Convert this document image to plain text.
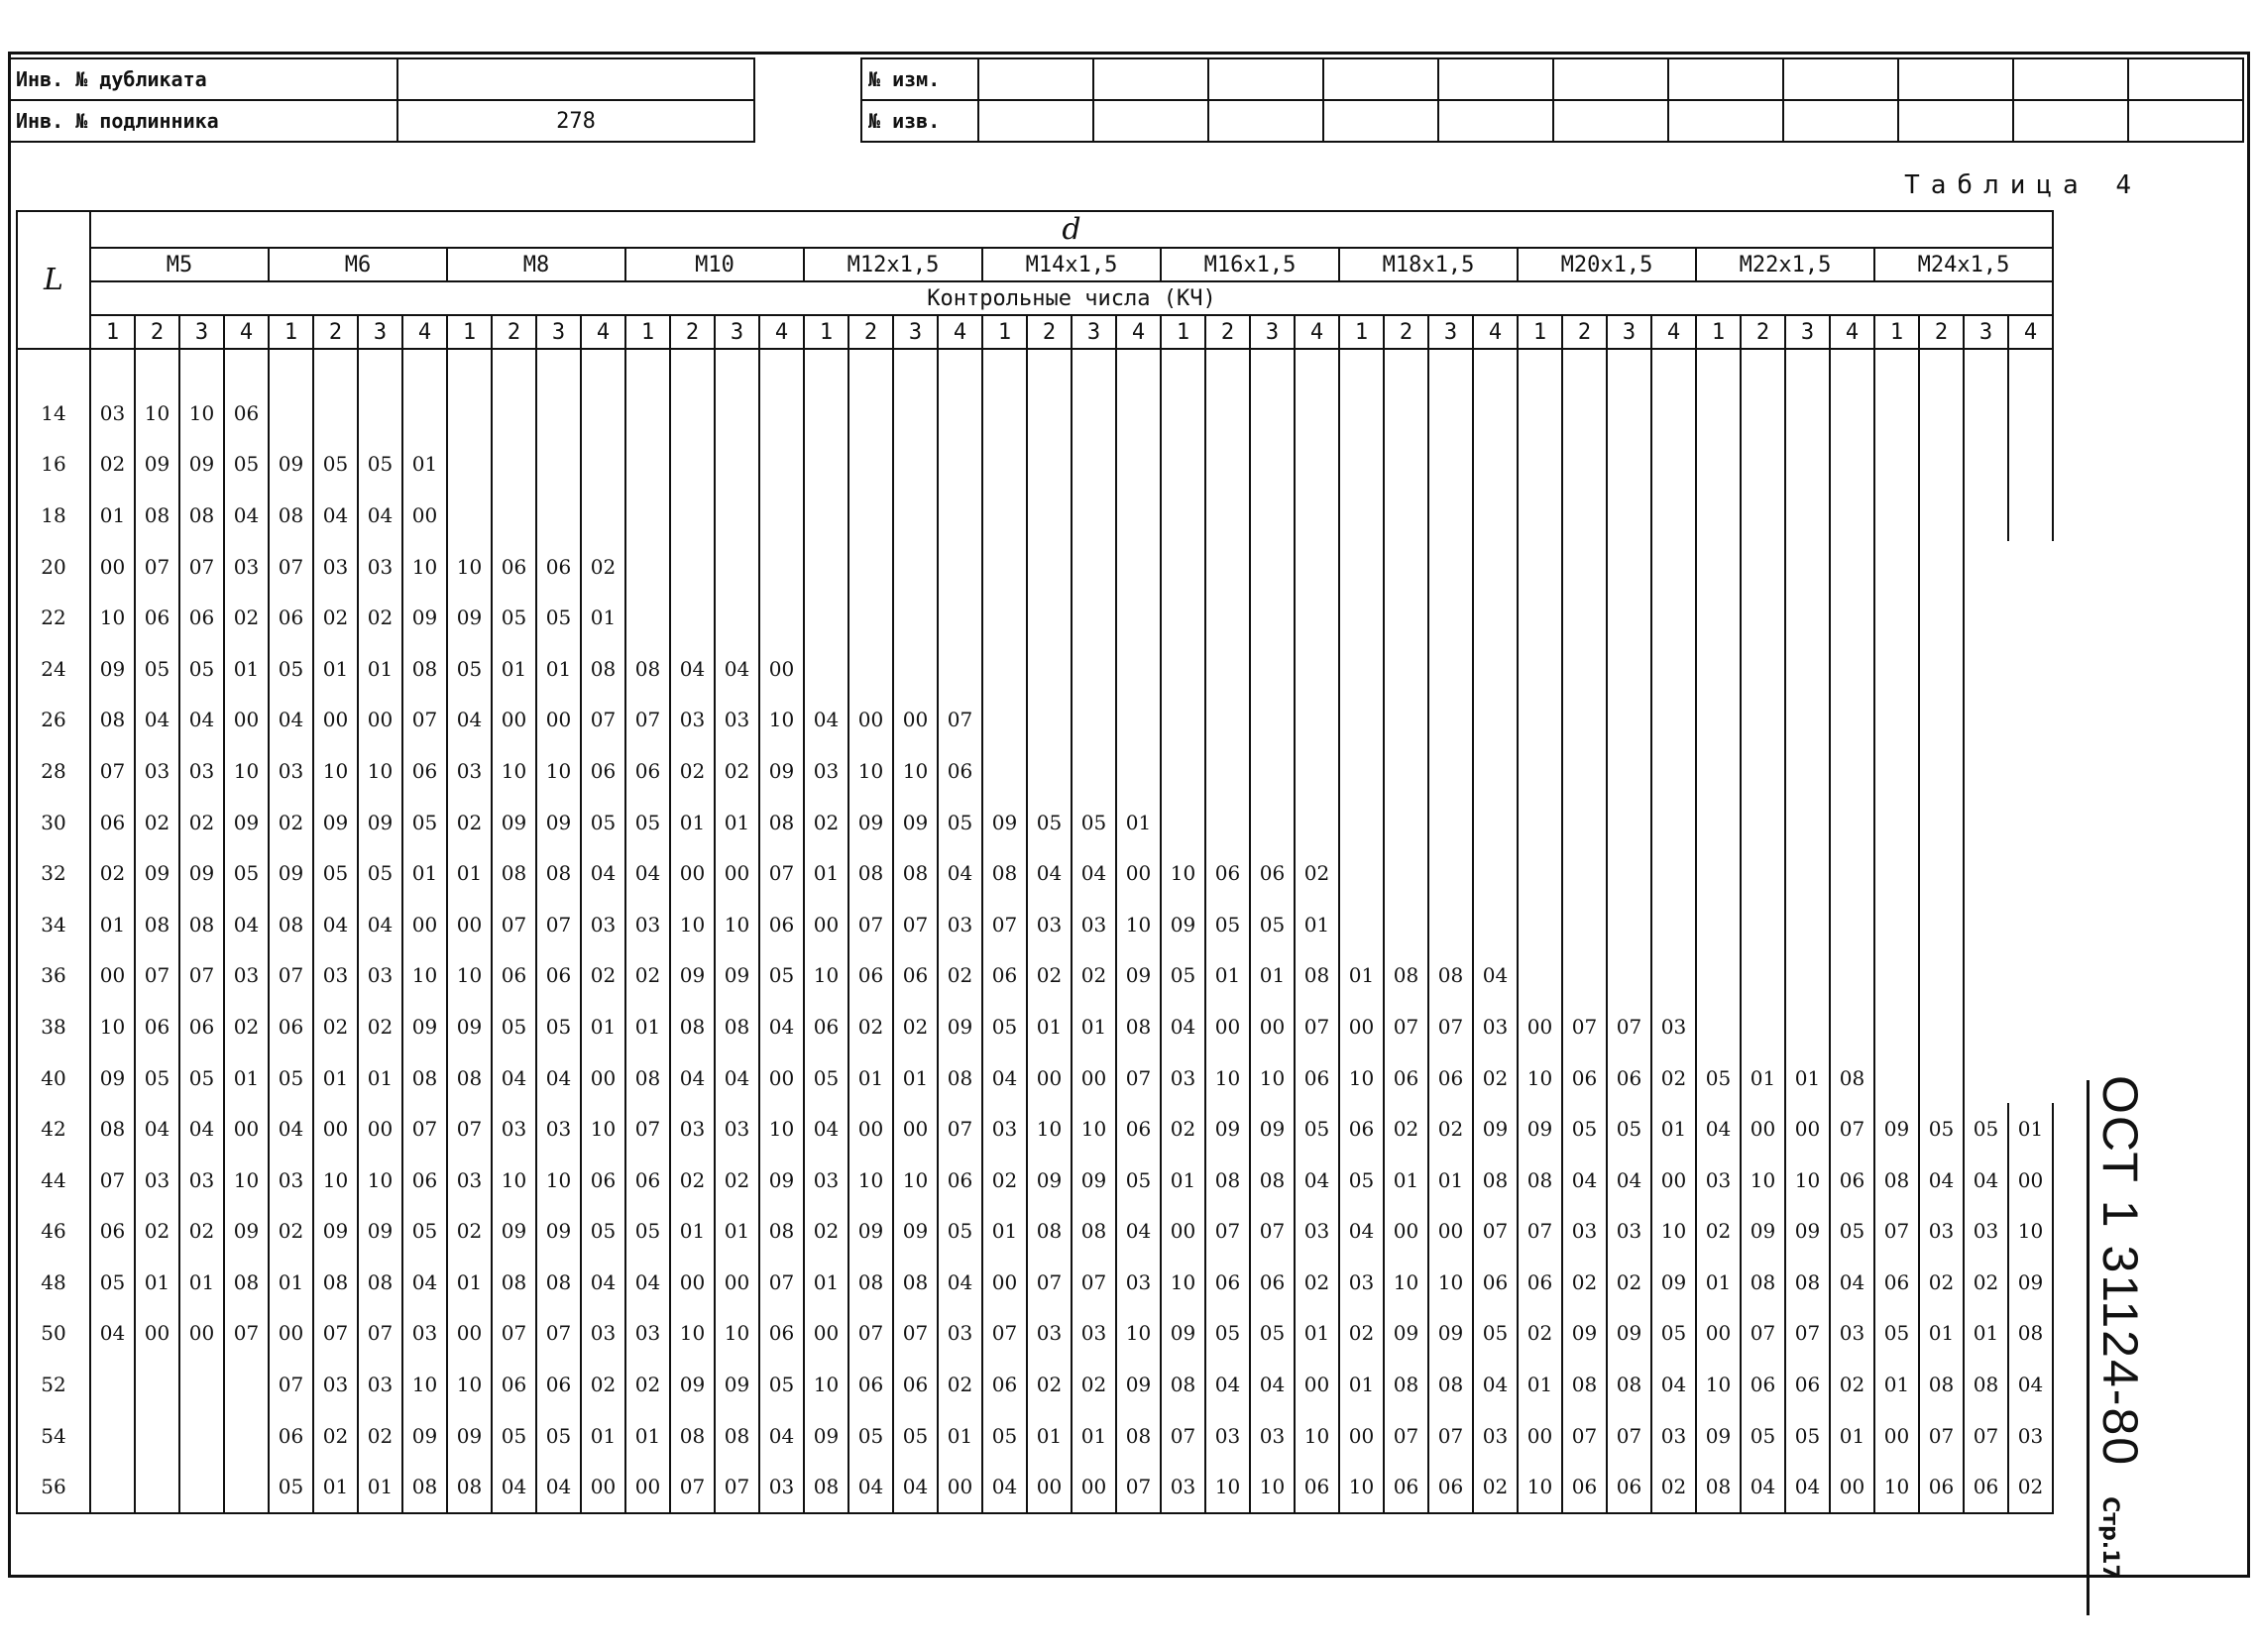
Инв. № дубликата	
Инв. № подлинника	278
№ изм.											
№ изв.											
Таблица 4
L	d																																											
	M5				M6				M8				M10				M12x1,5				M14x1,5				M16x1,5				M18x1,5				M20x1,5				M22x1,5				M24x1,5			
	Контрольные числа (КЧ)																																											
	1	2	3	4	1	2	3	4	1	2	3	4	1	2	3	4	1	2	3	4	1	2	3	4	1	2	3	4	1	2	3	4	1	2	3	4	1	2	3	4	1	2	3	4

14	03	10	10	06																																								
16	02	09	09	05	09	05	05	01																																				
18	01	08	08	04	08	04	04	00																																				
20	00	07	07	03	07	03	03	10	10	06	06	02																																
22	10	06	06	02	06	02	02	09	09	05	05	01																																
24	09	05	05	01	05	01	01	08	05	01	01	08	08	04	04	00																												
26	08	04	04	00	04	00	00	07	04	00	00	07	07	03	03	10	04	00	00	07																								
28	07	03	03	10	03	10	10	06	03	10	10	06	06	02	02	09	03	10	10	06																								
30	06	02	02	09	02	09	09	05	02	09	09	05	05	01	01	08	02	09	09	05	09	05	05	01																				
32	02	09	09	05	09	05	05	01	01	08	08	04	04	00	00	07	01	08	08	04	08	04	04	00	10	06	06	02																
34	01	08	08	04	08	04	04	00	00	07	07	03	03	10	10	06	00	07	07	03	07	03	03	10	09	05	05	01																
36	00	07	07	03	07	03	03	10	10	06	06	02	02	09	09	05	10	06	06	02	06	02	02	09	05	01	01	08	01	08	08	04												
38	10	06	06	02	06	02	02	09	09	05	05	01	01	08	08	04	06	02	02	09	05	01	01	08	04	00	00	07	00	07	07	03	00	07	07	03								
40	09	05	05	01	05	01	01	08	08	04	04	00	08	04	04	00	05	01	01	08	04	00	00	07	03	10	10	06	10	06	06	02	10	06	06	02	05	01	01	08				
42	08	04	04	00	04	00	00	07	07	03	03	10	07	03	03	10	04	00	00	07	03	10	10	06	02	09	09	05	06	02	02	09	09	05	05	01	04	00	00	07	09	05	05	01
44	07	03	03	10	03	10	10	06	03	10	10	06	06	02	02	09	03	10	10	06	02	09	09	05	01	08	08	04	05	01	01	08	08	04	04	00	03	10	10	06	08	04	04	00
46	06	02	02	09	02	09	09	05	02	09	09	05	05	01	01	08	02	09	09	05	01	08	08	04	00	07	07	03	04	00	00	07	07	03	03	10	02	09	09	05	07	03	03	10
48	05	01	01	08	01	08	08	04	01	08	08	04	04	00	00	07	01	08	08	04	00	07	07	03	10	06	06	02	03	10	10	06	06	02	02	09	01	08	08	04	06	02	02	09
50	04	00	00	07	00	07	07	03	00	07	07	03	03	10	10	06	00	07	07	03	07	03	03	10	09	05	05	01	02	09	09	05	02	09	09	05	00	07	07	03	05	01	01	08
52					07	03	03	10	10	06	06	02	02	09	09	05	10	06	06	02	06	02	02	09	08	04	04	00	01	08	08	04	01	08	08	04	10	06	06	02	01	08	08	04
54					06	02	02	09	09	05	05	01	01	08	08	04	09	05	05	01	05	01	01	08	07	03	03	10	00	07	07	03	00	07	07	03	09	05	05	01	00	07	07	03
56					05	01	01	08	08	04	04	00	00	07	07	03	08	04	04	00	04	00	00	07	03	10	10	06	10	06	06	02	10	06	06	02	08	04	04	00	10	06	06	02
ОСТ 1 31124-80
Стр.17
